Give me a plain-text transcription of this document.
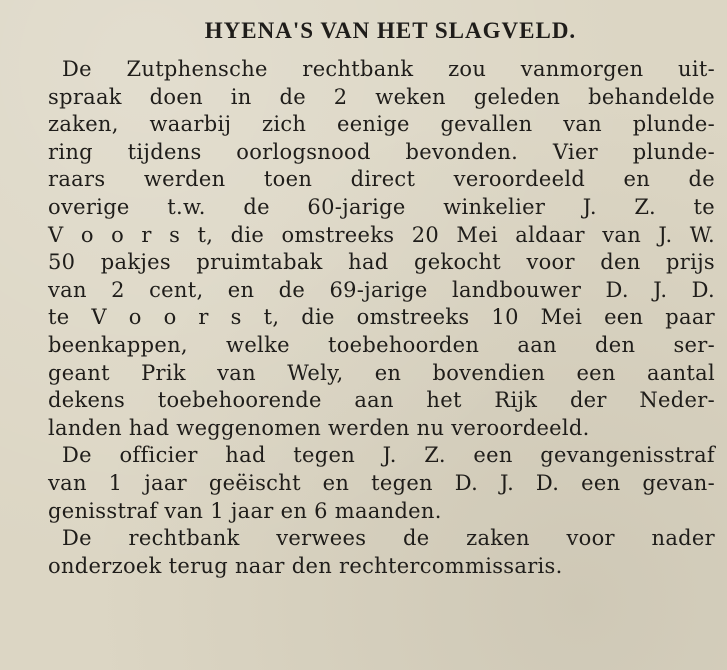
HYENA'S VAN HET SLAGVELD.
De Zutphensche rechtbank zou vanmorgen uit-
spraak doen in de 2 weken geleden behandelde
zaken, waarbij zich eenige gevallen van plunde-
ring tijdens oorlogsnood bevonden. Vier plunde-
raars werden toen direct veroordeeld en de
overige t.w. de 60-jarige winkelier J. Z. te
V o o r s t, die omstreeks 20 Mei aldaar van J. W.
50 pakjes pruimtabak had gekocht voor den prijs
van 2 cent, en de 69-jarige landbouwer D. J. D.
te V o o r s t, die omstreeks 10 Mei een paar
beenkappen, welke toebehoorden aan den ser-
geant Prik van Wely, en bovendien een aantal
dekens toebehoorende aan het Rijk der Neder-
landen had weggenomen werden nu veroordeeld.
De officier had tegen J. Z. een gevangenisstraf
van 1 jaar geëischt en tegen D. J. D. een gevan-
genisstraf van 1 jaar en 6 maanden.
De rechtbank verwees de zaken voor nader
onderzoek terug naar den rechtercommissaris.
